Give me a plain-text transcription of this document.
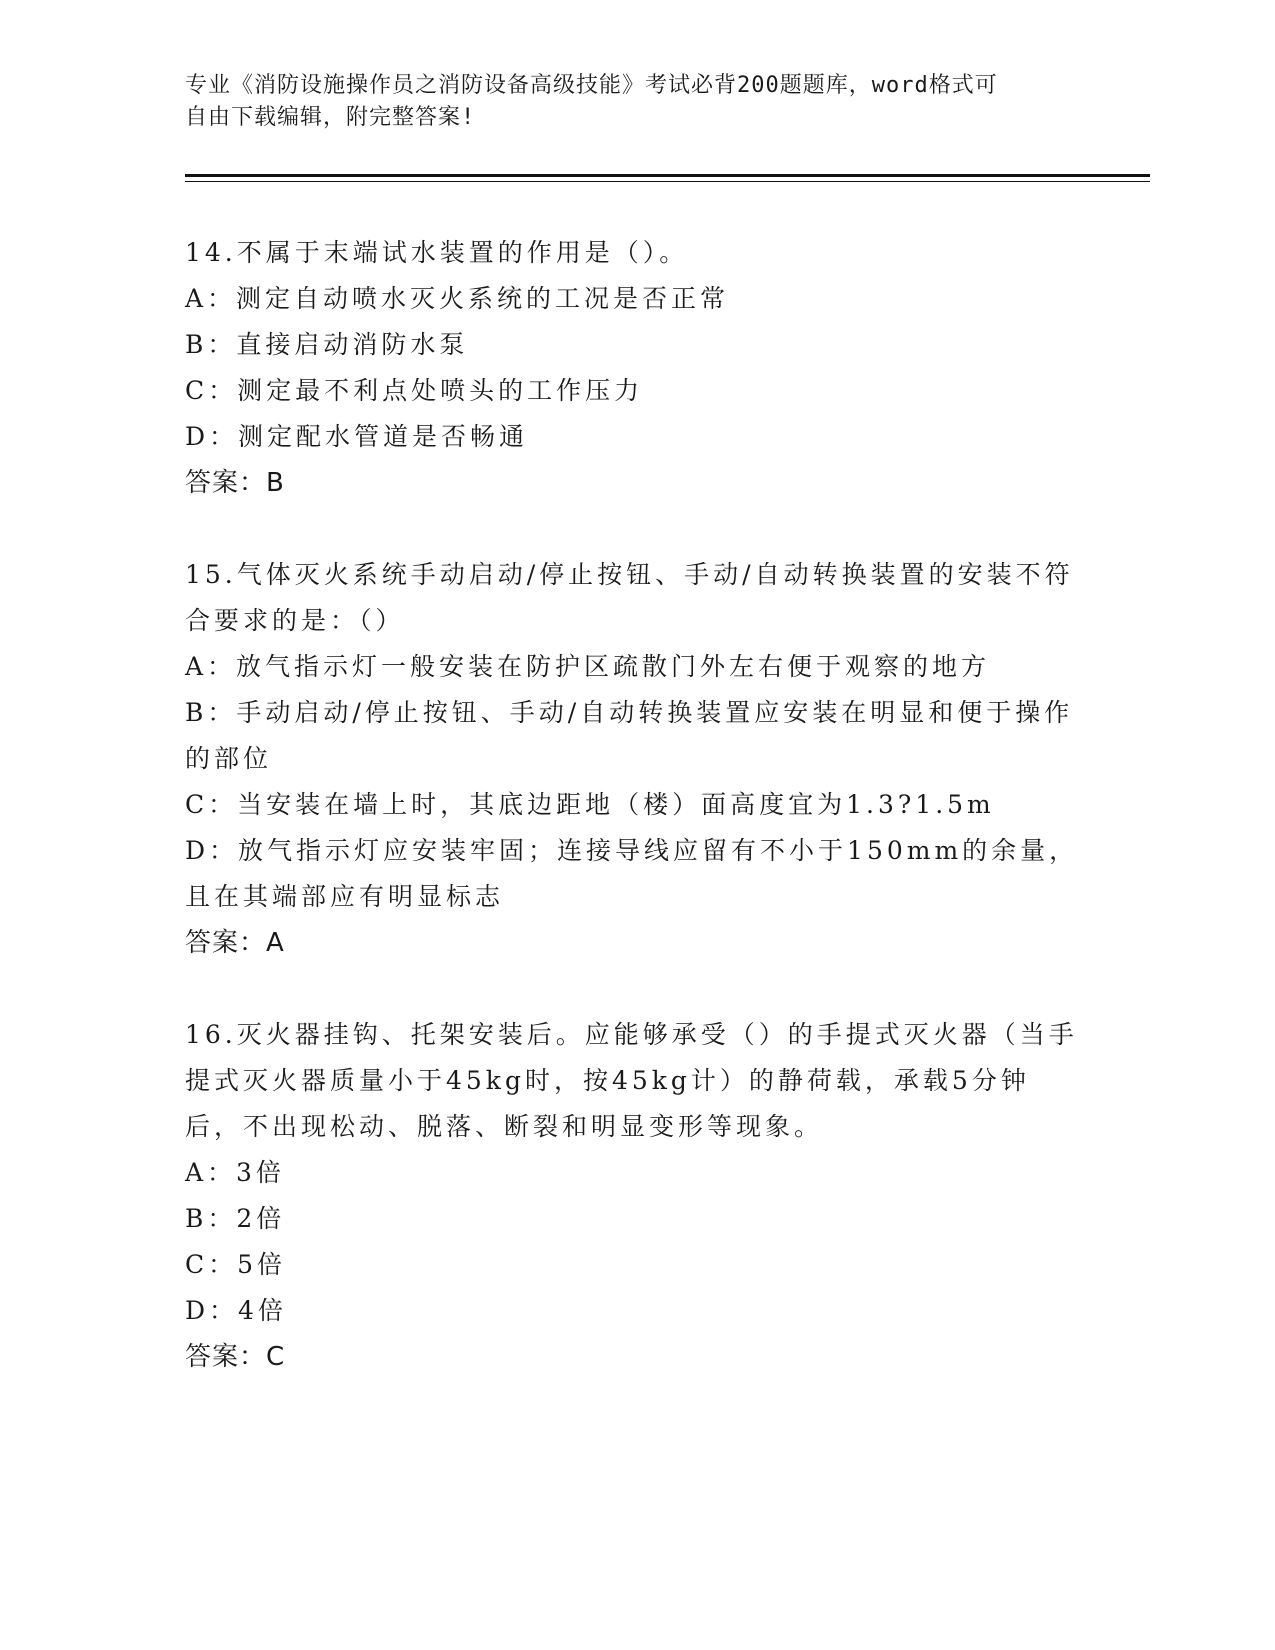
专业《消防设施操作员之消防设备高级技能》考试必背200题题库，word格式可
自由下载编辑，附完整答案!
14.不属于末端试水装置的作用是（）。
A：测定自动喷水灭火系统的工况是否正常
B：直接启动消防水泵
C：测定最不利点处喷头的工作压力
D：测定配水管道是否畅通
答案：B
15.气体灭火系统手动启动/停止按钮、手动/自动转换装置的安装不符合要求的是：（）
A：放气指示灯一般安装在防护区疏散门外左右便于观察的地方
B：手动启动/停止按钮、手动/自动转换装置应安装在明显和便于操作的部位
C：当安装在墙上时，其底边距地（楼）面高度宜为1.3?1.5m
D：放气指示灯应安装牢固；连接导线应留有不小于150mm的余量，且在其端部应有明显标志
答案：A
16.灭火器挂钩、托架安装后。应能够承受（）的手提式灭火器（当手提式灭火器质量小于45kg时，按45kg计）的静荷载，承载5分钟后，不出现松动、脱落、断裂和明显变形等现象。
A：3倍
B：2倍
C：5倍
D：4倍
答案：C
